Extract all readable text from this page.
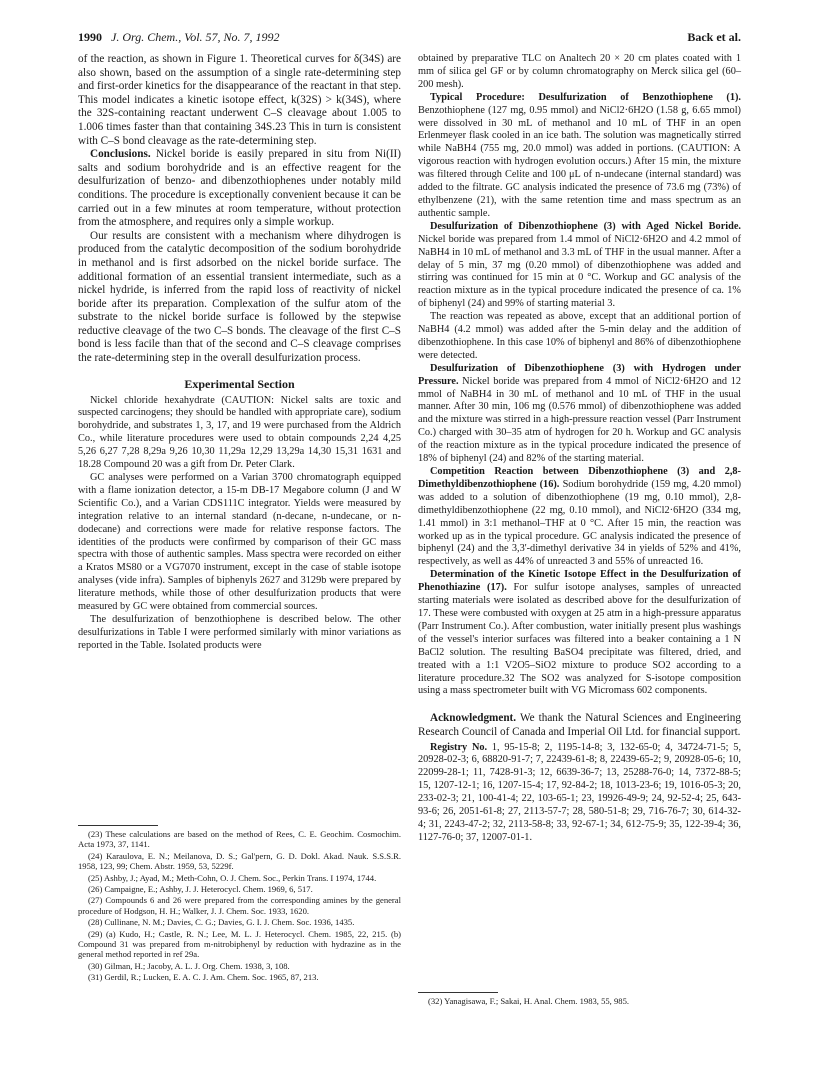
1990 J. Org. Chem., Vol. 57, No. 7, 1992	Back et al.

of the reaction, as shown in Figure 1. Theoretical curves for δ(34S) are also shown, based on the assumption of a single rate-determining step and first-order kinetics for the disappearance of the reactant in that step. This model indicates a kinetic isotope effect, k(32S) > k(34S), where the 32S-containing reactant underwent C–S cleavage about 1.005 to 1.006 times faster than that containing 34S.23 This in turn is consistent with C–S bond cleavage as the rate-determining step.

Conclusions. Nickel boride is easily prepared in situ from Ni(II) salts and sodium borohydride and is an effective reagent for the desulfurization of benzo- and dibenzothiophenes under notably mild conditions. The procedure is exceptionally convenient because it can be carried out in a few minutes at room temperature, without protection from the atmosphere, and requires only a simple workup.

Our results are consistent with a mechanism where dihydrogen is produced from the catalytic decomposition of the sodium borohydride in methanol and is first adsorbed on the nickel boride surface. The additional formation of an essential transient intermediate, such as a nickel hydride, is inferred from the rapid loss of reactivity of nickel boride after its preparation. Complexation of the sulfur atom of the substrate to the nickel boride surface is followed by the stepwise reductive cleavage of the two C–S bonds. The cleavage of the first C–S bond is less facile than that of the second and C–S cleavage comprises the rate-determining step in the overall desulfurization process.

Experimental Section

Nickel chloride hexahydrate (CAUTION: Nickel salts are toxic and suspected carcinogens; they should be handled with appropriate care), sodium borohydride, and substrates 1, 3, 17, and 19 were purchased from the Aldrich Co., while literature procedures were used to obtain compounds 2,24 4,25 5,26 6,27 7,28 8,29a 9,26 10,30 11,29a 12,29 13,29a 14,30 15,31 1631 and 18.28 Compound 20 was a gift from Dr. Peter Clark.

GC analyses were performed on a Varian 3700 chromatograph equipped with a flame ionization detector, a 15-m DB-17 Megabore column (J and W Scientific Co.), and a Varian CDS111C integrator. Yields were measured by integration relative to an internal standard (n-decane, n-undecane, or n-dodecane) and corrections were made for relative response factors. The identities of the products were confirmed by comparison of their GC mass spectra with those of authentic samples. Mass spectra were recorded on either a Kratos MS80 or a VG7070 instrument, except in the case of stable isotope analyses (vide infra). Samples of biphenyls 2627 and 3129b were prepared by literature methods, while those of other desulfurization products that were measured by GC were obtained from commercial sources.

The desulfurization of benzothiophene is described below. The other desulfurizations in Table I were performed similarly with minor variations as reported in the Table. Isolated products were

(23) These calculations are based on the method of Rees, C. E. Geochim. Cosmochim. Acta 1973, 37, 1141.

(24) Karaulova, E. N.; Meilanova, D. S.; Gal'pern, G. D. Dokl. Akad. Nauk. S.S.S.R. 1958, 123, 99; Chem. Abstr. 1959, 53, 5229f.

(25) Ashby, J.; Ayad, M.; Meth-Cohn, O. J. Chem. Soc., Perkin Trans. I 1974, 1744.

(26) Campaigne, E.; Ashby, J. J. Heterocycl. Chem. 1969, 6, 517.

(27) Compounds 6 and 26 were prepared from the corresponding amines by the general procedure of Hodgson, H. H.; Walker, J. J. Chem. Soc. 1933, 1620.

(28) Cullinane, N. M.; Davies, C. G.; Davies, G. I. J. Chem. Soc. 1936, 1435.

(29) (a) Kudo, H.; Castle, R. N.; Lee, M. L. J. Heterocycl. Chem. 1985, 22, 215. (b) Compound 31 was prepared from m-nitrobiphenyl by reduction with hydrazine as in the general method reported in ref 29a.

(30) Gilman, H.; Jacoby, A. L. J. Org. Chem. 1938, 3, 108.

(31) Gerdil, R.; Lucken, E. A. C. J. Am. Chem. Soc. 1965, 87, 213.

obtained by preparative TLC on Analtech 20 × 20 cm plates coated with 1 mm of silica gel GF or by column chromatography on Merck silica gel (60–200 mesh).

Typical Procedure: Desulfurization of Benzothiophene (1). Benzothiophene (127 mg, 0.95 mmol) and NiCl2·6H2O (1.58 g, 6.65 mmol) were dissolved in 30 mL of methanol and 10 mL of THF in an open Erlenmeyer flask cooled in an ice bath. The solution was magnetically stirred while NaBH4 (755 mg, 20.0 mmol) was added in portions. (CAUTION: A vigorous reaction with hydrogen evolution occurs.) After 15 min, the mixture was filtered through Celite and 100 μL of n-undecane (internal standard) was added to the filtrate. GC analysis indicated the presence of 73.6 mg (73%) of ethylbenzene (21), with the same retention time and mass spectrum as an authentic sample.

Desulfurization of Dibenzothiophene (3) with Aged Nickel Boride. Nickel boride was prepared from 1.4 mmol of NiCl2·6H2O and 4.2 mmol of NaBH4 in 10 mL of methanol and 3.3 mL of THF in the usual manner. After a delay of 5 min, 37 mg (0.20 mmol) of dibenzothiophene was added and stirring was continued for 15 min at 0 °C. Workup and GC analysis of the reaction mixture as in the typical procedure indicated the presence of ca. 1% of biphenyl (24) and 99% of starting material 3.

The reaction was repeated as above, except that an additional portion of NaBH4 (4.2 mmol) was added after the 5-min delay and the addition of dibenzothiophene. In this case 10% of biphenyl and 86% of dibenzothiophene were detected.

Desulfurization of Dibenzothiophene (3) with Hydrogen under Pressure. Nickel boride was prepared from 4 mmol of NiCl2·6H2O and 12 mmol of NaBH4 in 30 mL of methanol and 10 mL of THF in the usual manner. After 30 min, 106 mg (0.576 mmol) of dibenzothiophene was added and the mixture was stirred in a high-pressure reaction vessel (Parr Instrument Co.) charged with 30–35 atm of hydrogen for 20 h. Workup and GC analysis of the reaction mixture as in the typical procedure indicated the presence of 18% of biphenyl (24) and 82% of the starting material.

Competition Reaction between Dibenzothiophene (3) and 2,8-Dimethyldibenzothiophene (16). Sodium borohydride (159 mg, 4.20 mmol) was added to a solution of dibenzothiophene (19 mg, 0.10 mmol), 2,8-dimethyldibenzothiophene (22 mg, 0.10 mmol), and NiCl2·6H2O (334 mg, 1.41 mmol) in 3:1 methanol–THF at 0 °C. After 15 min, the reaction was worked up as in the typical procedure. GC analysis indicated the presence of biphenyl (24) and the 3,3'-dimethyl derivative 34 in yields of 52% and 41%, respectively, as well as 44% of unreacted 3 and 55% of unreacted 16.

Determination of the Kinetic Isotope Effect in the Desulfurization of Phenothiazine (17). For sulfur isotope analyses, samples of unreacted starting materials were isolated as described above for the desulfurization of 17. These were combusted with oxygen at 25 atm in a high-pressure apparatus (Parr Instrument Co.). After combustion, water initially present plus washings of the vessel's interior surfaces was filtered into a beaker containing a 1 N BaCl2 solution. The resulting BaSO4 precipitate was filtered, dried, and treated with a 1:1 V2O5–SiO2 mixture to produce SO2 according to a literature procedure.32 The SO2 was analyzed for S-isotope composition using a mass spectrometer built with VG Micromass 602 components.

Acknowledgment. We thank the Natural Sciences and Engineering Research Council of Canada and Imperial Oil Ltd. for financial support.

Registry No. 1, 95-15-8; 2, 1195-14-8; 3, 132-65-0; 4, 34724-71-5; 5, 20928-02-3; 6, 68820-91-7; 7, 22439-61-8; 8, 22439-65-2; 9, 20928-05-6; 10, 22099-28-1; 11, 7428-91-3; 12, 6639-36-7; 13, 25288-76-0; 14, 7372-88-5; 15, 1207-12-1; 16, 1207-15-4; 17, 92-84-2; 18, 1013-23-6; 19, 1016-05-3; 20, 233-02-3; 21, 100-41-4; 22, 103-65-1; 23, 19926-49-9; 24, 92-52-4; 25, 643-93-6; 26, 2051-61-8; 27, 2113-57-7; 28, 580-51-8; 29, 716-76-7; 30, 614-32-4; 31, 2243-47-2; 32, 2113-58-8; 33, 92-67-1; 34, 612-75-9; 35, 122-39-4; 36, 1127-76-0; 37, 12007-01-1.

(32) Yanagisawa, F.; Sakai, H. Anal. Chem. 1983, 55, 985.
